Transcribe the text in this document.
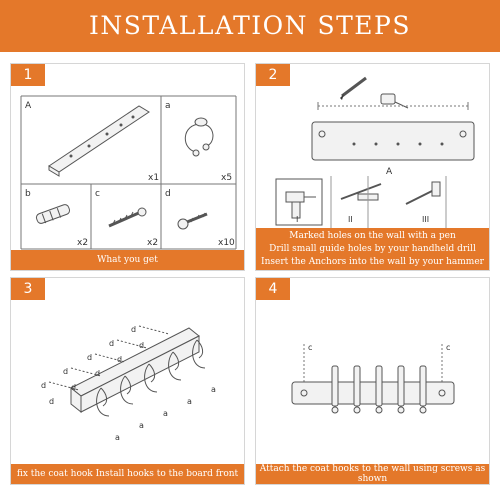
INSTALLATION STEPS
1
A
x1
a
x5
b
x2
c
x2
d
x10
What you get
2
A
I	II	III
Marked holes on the wall with a pen
Drill small guide holes by your handheld drill
Insert the Anchors into the wall by your hammer
3
d
d
d
d
d
d
d
d
d
d
a
a
a
a
a
fix the coat hook Install hooks to the board front
4
c	c
Attach the coat hooks to the wall using screws as shown
